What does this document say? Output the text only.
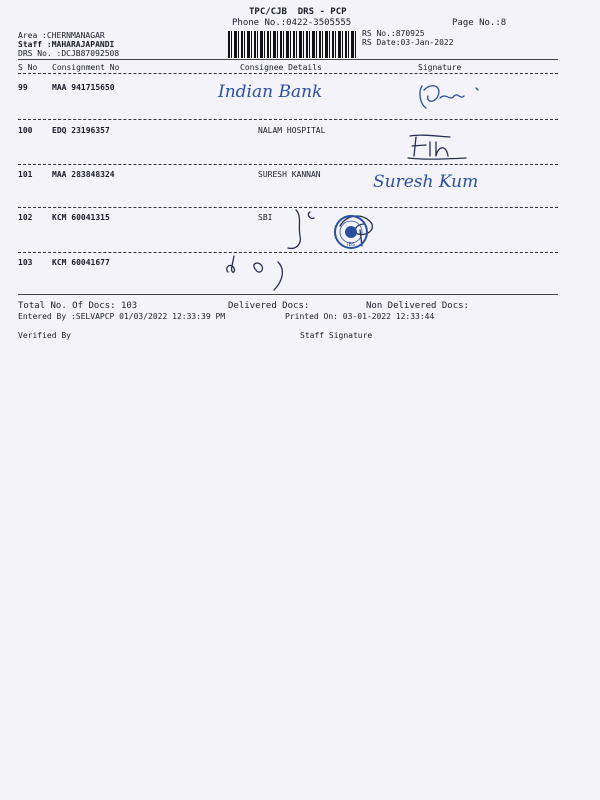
TPC/CJB  DRS - PCP
Phone No.:0422-3505555	Page No.:8
Area :CHERNMANAGAR
Staff :MAHARAJAPANDI
DRS No. :DCJB87092508
RS No.:870925
RS Date:03-Jan-2022
S No Consignment No	Consignee Details	Signature
99	MAA 941715650	Indian Bank
100 EDQ 23196357	NALAM HOSPITAL
101 MAA 283848324	SURESH KANNAN	Suresh Kum
102 KCM 60041315	SBI
IBS
103 KCM 60041677
Total No. Of Docs: 103	Delivered Docs:	Non Delivered Docs:
Entered By :SELVAPCP 01/03/2022 12:33:39 PM	Printed On: 03-01-2022 12:33:44
Verified By	Staff Signature
